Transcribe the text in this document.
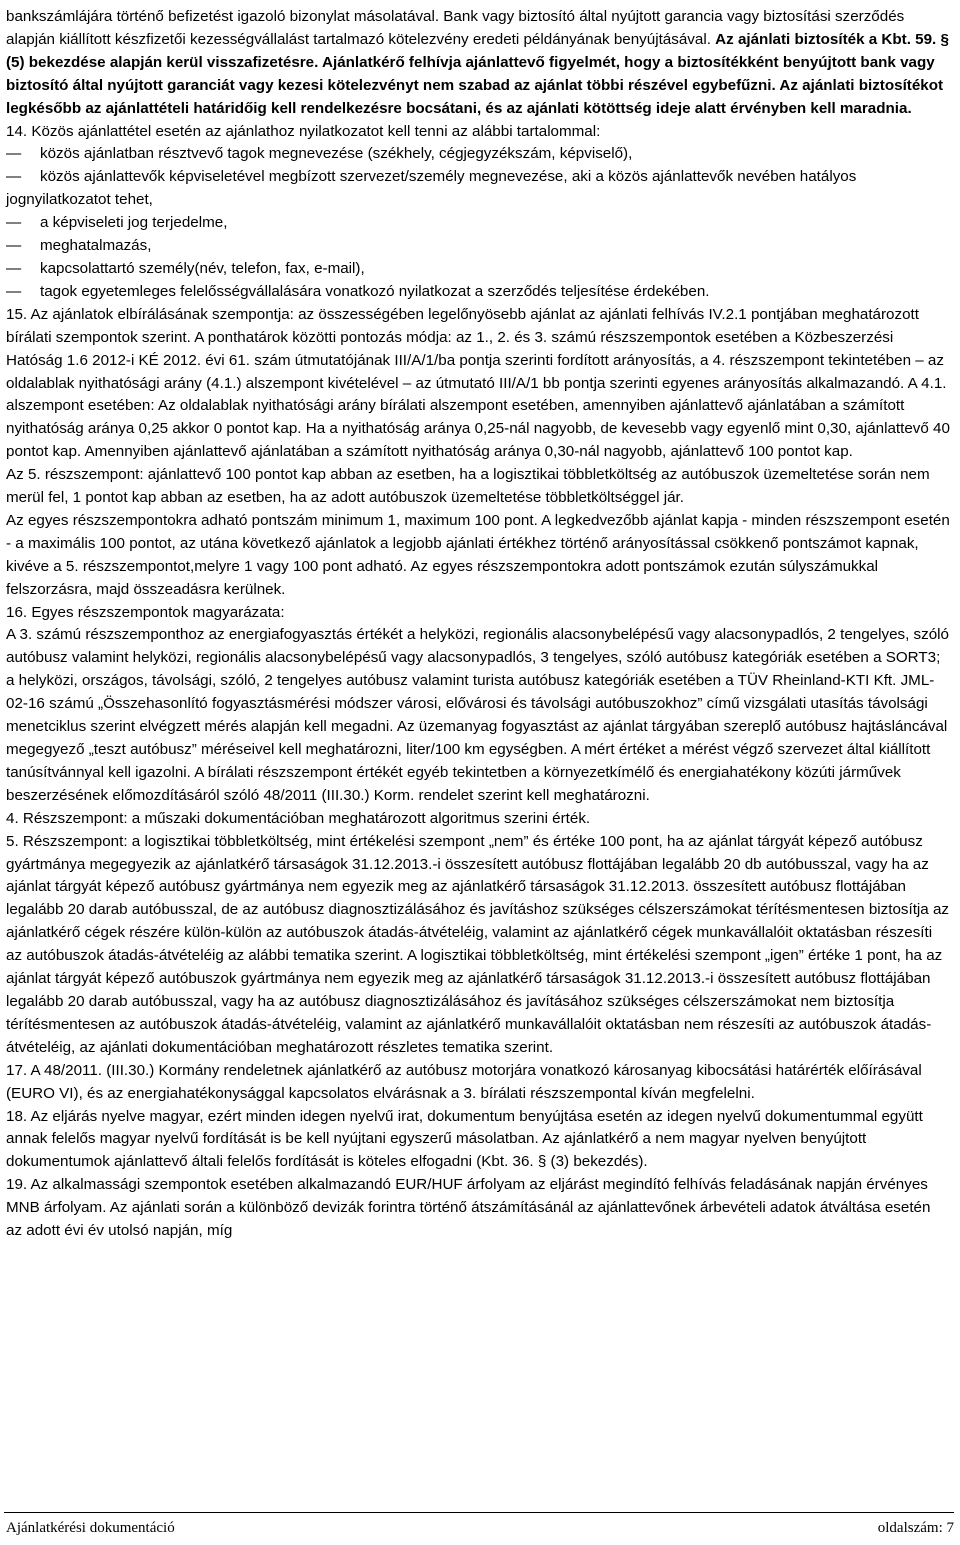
bankszámlájára történő befizetést igazoló bizonylat másolatával. Bank vagy biztosító által nyújtott garancia vagy biztosítási szerződés alapján kiállított készfizetői kezességvállalást tartalmazó kötelezvény eredeti példányának benyújtásával. Az ajánlati biztosíték a Kbt. 59. § (5) bekezdése alapján kerül visszafizetésre. Ajánlatkérő felhívja ajánlattevő figyelmét, hogy a biztosítékként benyújtott bank vagy biztosító által nyújtott garanciát vagy kezesi kötelezvényt nem szabad az ajánlat többi részével egybefűzni. Az ajánlati biztosítékot legkésőbb az ajánlattételi határidőig kell rendelkezésre bocsátani, és az ajánlati kötöttség ideje alatt érvényben kell maradnia.

14. Közös ajánlattétel esetén az ajánlathoz nyilatkozatot kell tenni az alábbi tartalommal:

— közös ajánlatban résztvevő tagok megnevezése (székhely, cégjegyzékszám, képviselő),

— közös ajánlattevők képviseletével megbízott szervezet/személy megnevezése, aki a közös ajánlattevők nevében hatályos jognyilatkozatot tehet,

— a képviseleti jog terjedelme,

— meghatalmazás,

— kapcsolattartó személy(név, telefon, fax, e-mail),

— tagok egyetemleges felelősségvállalására vonatkozó nyilatkozat a szerződés teljesítése érdekében.

15. Az ajánlatok elbírálásának szempontja: az összességében legelőnyösebb ajánlat az ajánlati felhívás IV.2.1 pontjában meghatározott bírálati szempontok szerint. A ponthatárok közötti pontozás módja: az 1., 2. és 3. számú részszempontok esetében a Közbeszerzési Hatóság 1.6 2012-i KÉ 2012. évi 61. szám útmutatójának III/A/1/ba pontja szerinti fordított arányosítás, a 4. részszempont tekintetében – az oldalablak nyithatósági arány (4.1.) alszempont kivételével – az útmutató III/A/1 bb pontja szerinti egyenes arányosítás alkalmazandó. A 4.1. alszempont esetében: Az oldalablak nyithatósági arány bírálati alszempont esetében, amennyiben ajánlattevő ajánlatában a számított nyithatóság aránya 0,25 akkor 0 pontot kap. Ha a nyithatóság aránya 0,25-nál nagyobb, de kevesebb vagy egyenlő mint 0,30, ajánlattevő 40 pontot kap. Amennyiben ajánlattevő ajánlatában a számított nyithatóság aránya 0,30-nál nagyobb, ajánlattevő 100 pontot kap.

Az 5. részszempont: ajánlattevő 100 pontot kap abban az esetben, ha a logisztikai többletköltség az autóbuszok üzemeltetése során nem merül fel, 1 pontot kap abban az esetben, ha az adott autóbuszok üzemeltetése többletköltséggel jár.

Az egyes részszempontokra adható pontszám minimum 1, maximum 100 pont. A legkedvezőbb ajánlat kapja - minden részszempont esetén - a maximális 100 pontot, az utána következő ajánlatok a legjobb ajánlati értékhez történő arányosítással csökkenő pontszámot kapnak, kivéve a 5. részszempontot,melyre 1 vagy 100 pont adható. Az egyes részszempontokra adott pontszámok ezután súlyszámukkal felszorzásra, majd összeadásra kerülnek.

16. Egyes részszempontok magyarázata:

A 3. számú részszemponthoz az energiafogyasztás értékét a helyközi, regionális alacsonybelépésű vagy alacsonypadlós, 2 tengelyes, szóló autóbusz valamint helyközi, regionális alacsonybelépésű vagy alacsonypadlós, 3 tengelyes, szóló autóbusz kategóriák esetében a SORT3; a helyközi, országos, távolsági, szóló, 2 tengelyes autóbusz valamint turista autóbusz kategóriák esetében a TÜV Rheinland-KTI Kft. JML-02-16 számú „Összehasonlító fogyasztásmérési módszer városi, elővárosi és távolsági autóbuszokhoz” című vizsgálati utasítás távolsági menetciklus szerint elvégzett mérés alapján kell megadni. Az üzemanyag fogyasztást az ajánlat tárgyában szereplő autóbusz hajtásláncával megegyező „teszt autóbusz” méréseivel kell meghatározni, liter/100 km egységben. A mért értéket a mérést végző szervezet által kiállított tanúsítvánnyal kell igazolni. A bírálati részszempont értékét egyéb tekintetben a környezetkímélő és energiahatékony közúti járművek beszerzésének előmozdításáról szóló 48/2011 (III.30.) Korm. rendelet szerint kell meghatározni.

4. Részszempont: a műszaki dokumentációban meghatározott algoritmus szerini érték.

5. Részszempont: a logisztikai többletköltség, mint értékelési szempont „nem” és értéke 100 pont, ha az ajánlat tárgyát képező autóbusz gyártmánya megegyezik az ajánlatkérő társaságok 31.12.2013.-i összesített autóbusz flottájában legalább 20 db autóbusszal, vagy ha az ajánlat tárgyát képező autóbusz gyártmánya nem egyezik meg az ajánlatkérő társaságok 31.12.2013. összesített autóbusz flottájában legalább 20 darab autóbusszal, de az autóbusz diagnosztizálásához és javításhoz szükséges célszerszámokat térítésmentesen biztosítja az ajánlatkérő cégek részére külön-külön az autóbuszok átadás-átvételéig, valamint az ajánlatkérő cégek munkavállalóit oktatásban részesíti az autóbuszok átadás-átvételéig az alábbi tematika szerint. A logisztikai többletköltség, mint értékelési szempont „igen” értéke 1 pont, ha az ajánlat tárgyát képező autóbuszok gyártmánya nem egyezik meg az ajánlatkérő társaságok 31.12.2013.-i összesített autóbusz flottájában legalább 20 darab autóbusszal, vagy ha az autóbusz diagnosztizálásához és javításához szükséges célszerszámokat nem biztosítja térítésmentesen az autóbuszok átadás-átvételéig, valamint az ajánlatkérő munkavállalóit oktatásban nem részesíti az autóbuszok átadás-átvételéig, az ajánlati dokumentációban meghatározott részletes tematika szerint.

17. A 48/2011. (III.30.) Kormány rendeletnek ajánlatkérő az autóbusz motorjára vonatkozó károsanyag kibocsátási határérték előírásával (EURO VI), és az energiahatékonysággal kapcsolatos elvárásnak a 3. bírálati részszempontal kíván megfelelni.

18. Az eljárás nyelve magyar, ezért minden idegen nyelvű irat, dokumentum benyújtása esetén az idegen nyelvű dokumentummal együtt annak felelős magyar nyelvű fordítását is be kell nyújtani egyszerű másolatban. Az ajánlatkérő a nem magyar nyelven benyújtott dokumentumok ajánlattevő általi felelős fordítását is köteles elfogadni (Kbt. 36. § (3) bekezdés).

19. Az alkalmassági szempontok esetében alkalmazandó EUR/HUF árfolyam az eljárást megindító felhívás feladásának napján érvényes MNB árfolyam. Az ajánlati során a különböző devizák forintra történő átszámításánál az ajánlattevőnek árbevételi adatok átváltása esetén az adott évi év utolsó napján, míg

Ajánlatkérési dokumentáció	oldalszám: 7
